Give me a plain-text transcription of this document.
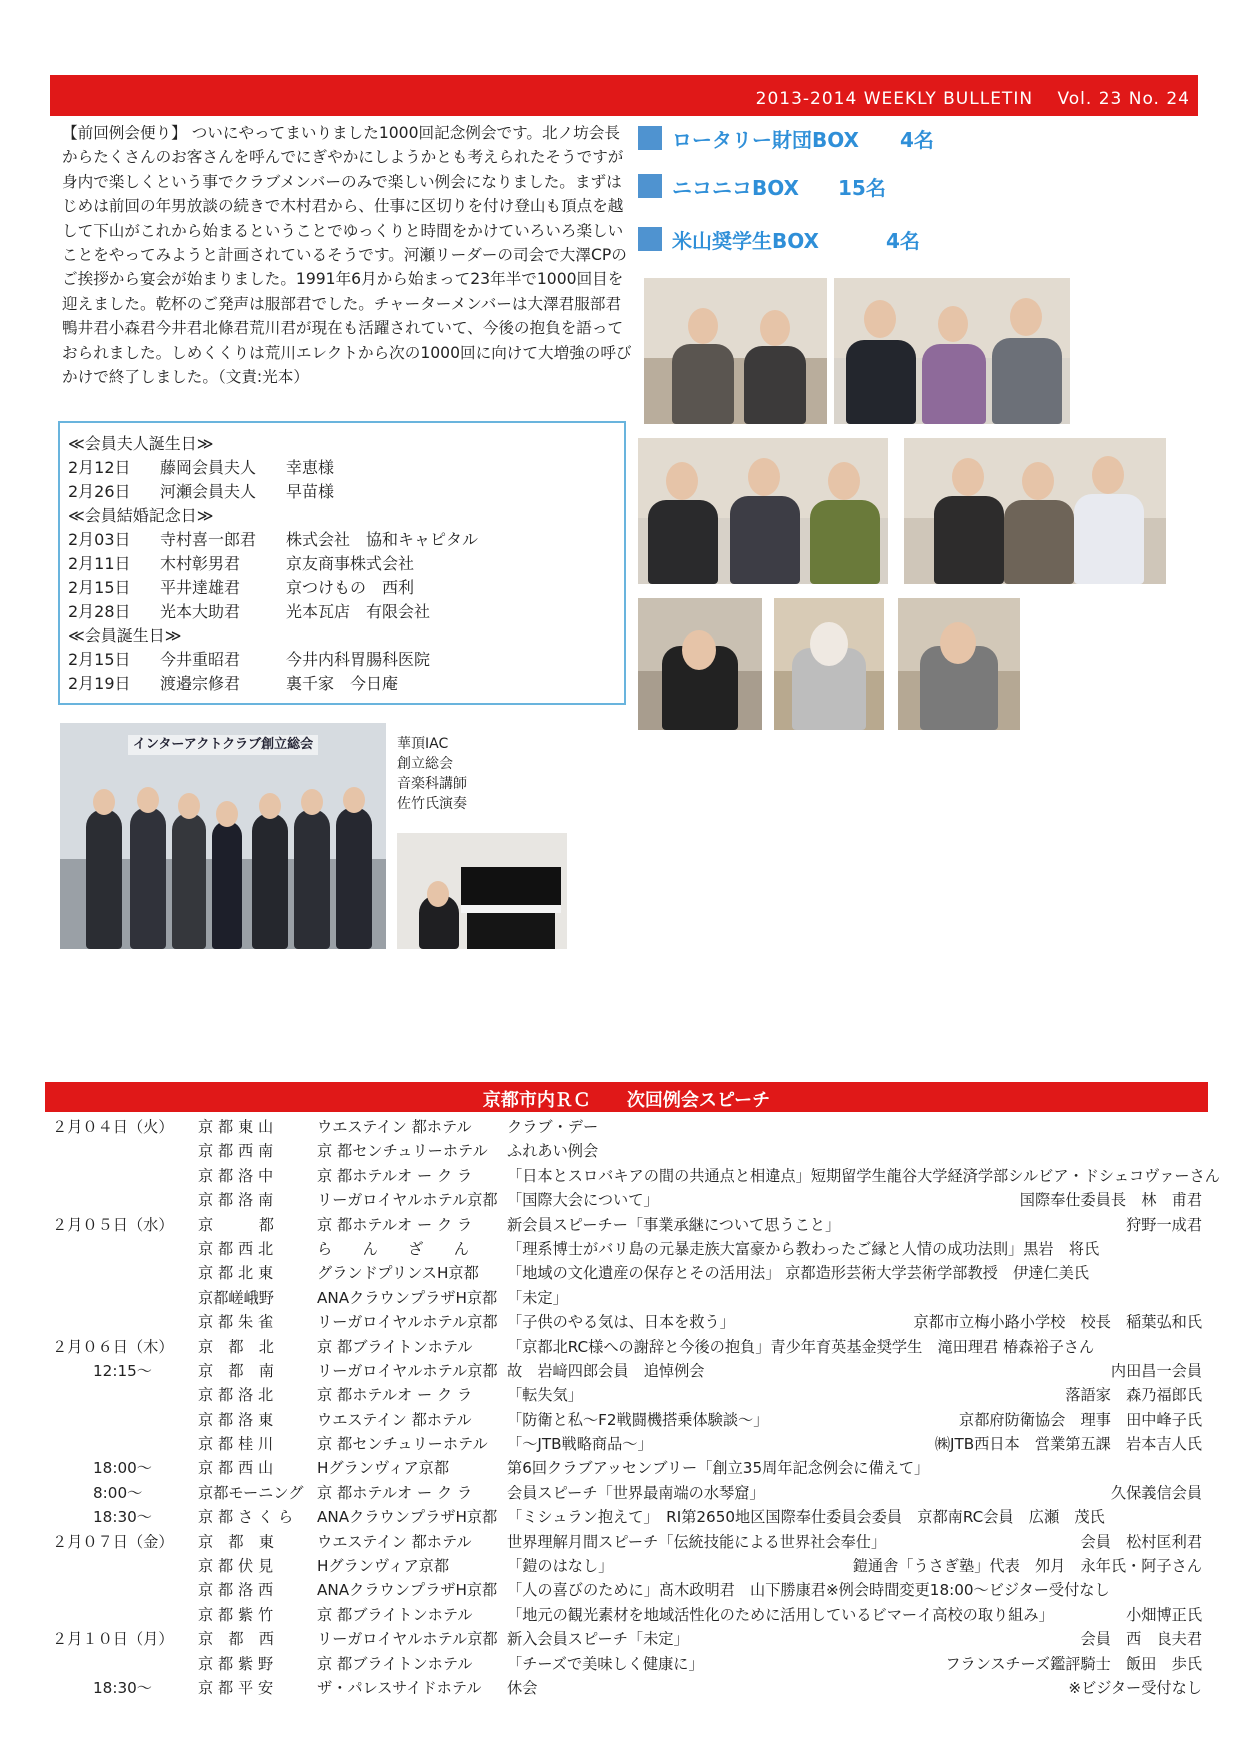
2013-2014 WEEKLY BULLETIN　 Vol. 23 No. 24
【前回例会便り】 ついにやってまいりました1000回記念例会です。北ノ坊会長からたくさんのお客さんを呼んでにぎやかにしようかとも考えられたそうですが身内で楽しくという事でクラブメンバーのみで楽しい例会になりました。まずはじめは前回の年男放談の続きで木村君から、仕事に区切りを付け登山も頂点を越して下山がこれから始まるということでゆっくりと時間をかけていろいろ楽しいことをやってみようと計画されているそうです。河瀬リーダーの司会で大澤CPのご挨拶から宴会が始まりました。1991年6月から始まって23年半で1000回目を迎えました。乾杯のご発声は服部君でした。チャーターメンバーは大澤君服部君鴨井君小森君今井君北條君荒川君が現在も活躍されていて、今後の抱負を語っておられました。しめくくりは荒川エレクトから次の1000回に向けて大増強の呼びかけで終了しました。（文責:光本）
≪会員夫人誕生日≫
2月12日 藤岡会員夫人 幸恵様
2月26日 河瀬会員夫人 早苗様
≪会員結婚記念日≫
2月03日 寺村喜一郎君 株式会社　協和キャピタル
2月11日 木村彰男君	京友商事株式会社
2月15日 平井達雄君	京つけもの　西利
2月28日 光本大助君	光本瓦店　有限会社
≪会員誕生日≫
2月15日 今井重昭君	今井内科胃腸科医院
2月19日 渡邉宗修君	裏千家　今日庵
ロータリー財団BOX 4名
ニコニコBOX 15名
米山奨学生BOX	4名
インターアクトクラブ創立総会	華頂IAC
創立総会
音楽科講師
佐竹氏演奏
京都市内ＲＣ　　次回例会スピーチ
２月０４日（火） 京 都 東 山	ウエステイン 都ホテル クラブ・デー
京 都 西 南	京 都センチュリーホテル ふれあい例会
京 都 洛 中	京 都ホテルオ ー ク ラ 「日本とスロバキアの間の共通点と相違点」短期留学生龍谷大学経済学部シルビア・ドシェコヴァーさん
京 都 洛 南	リーガロイヤルホテル京都 「国際大会について」	国際奉仕委員長　林　甫君
２月０５日（水） 京　　　都	京 都ホテルオ ー ク ラ 新会員スピーチー「事業承継について思うこと」	狩野一成君
京 都 西 北	ら　　ん　　ざ　　ん	「理系博士がバリ島の元暴走族大富豪から教わったご縁と人情の成功法則」黒岩　将氏
京 都 北 東	グランドプリンスH京都 「地域の文化遺産の保存とその活用法」 京都造形芸術大学芸術学部教授　伊達仁美氏
京都嵯峨野	ANAクラウンプラザH京都 「未定」
京 都 朱 雀	リーガロイヤルホテル京都 「子供のやる気は、日本を救う」	京都市立梅小路小学校　校長　稲葉弘和氏
２月０６日（木） 京　都　北	京 都ブライトンホテル 「京都北RC様への謝辞と今後の抱負」青少年育英基金奨学生　滝田理君 椿森裕子さん
12:15～	京　都　南	リーガロイヤルホテル京都 故　岩﨑四郎会員　追悼例会	内田昌一会員
京 都 洛 北	京 都ホテルオ ー ク ラ 「転失気」	落語家　森乃福郎氏
京 都 洛 東	ウエステイン 都ホテル 「防衛と私～F2戦闘機搭乗体験談～」	京都府防衛協会　理事　田中峰子氏
京 都 桂 川	京 都センチュリーホテル 「～JTB戦略商品～」	㈱JTB西日本　営業第五課　岩本吉人氏
18:00～	京 都 西 山	Hグランヴィア京都	第6回クラブアッセンブリー「創立35周年記念例会に備えて」
8:00～	京都モーニング 京 都ホテルオ ー ク ラ 会員スピーチ「世界最南端の水琴窟」	久保義信会員
18:30～	京 都 さ く ら ANAクラウンプラザH京都 「ミシュラン抱えて」　RI第2650地区国際奉仕委員会委員　京都南RC会員　広瀬　茂氏
２月０７日（金） 京　都　東	ウエステイン 都ホテル 世界理解月間スピーチ「伝統技能による世界社会奉仕」	会員　松村匡利君
京 都 伏 見	Hグランヴィア京都	「鎧のはなし」	鎧通舎「うさぎ塾」代表　夘月　永年氏・阿子さん
京 都 洛 西	ANAクラウンプラザH京都 「人の喜びのために」髙木政明君　山下勝康君※例会時間変更18:00～ビジター受付なし
京 都 紫 竹	京 都ブライトンホテル 「地元の観光素材を地域活性化のために活用しているビマーイ高校の取り組み」	小畑博正氏
２月１０日（月） 京　都　西	リーガロイヤルホテル京都 新入会員スピーチ「未定」	会員　西　良夫君
京 都 紫 野	京 都ブライトンホテル 「チーズで美味しく健康に」	フランスチーズ鑑評騎士　飯田　歩氏
18:30～	京 都 平 安	ザ・パレスサイドホテル 休会	※ビジター受付なし
